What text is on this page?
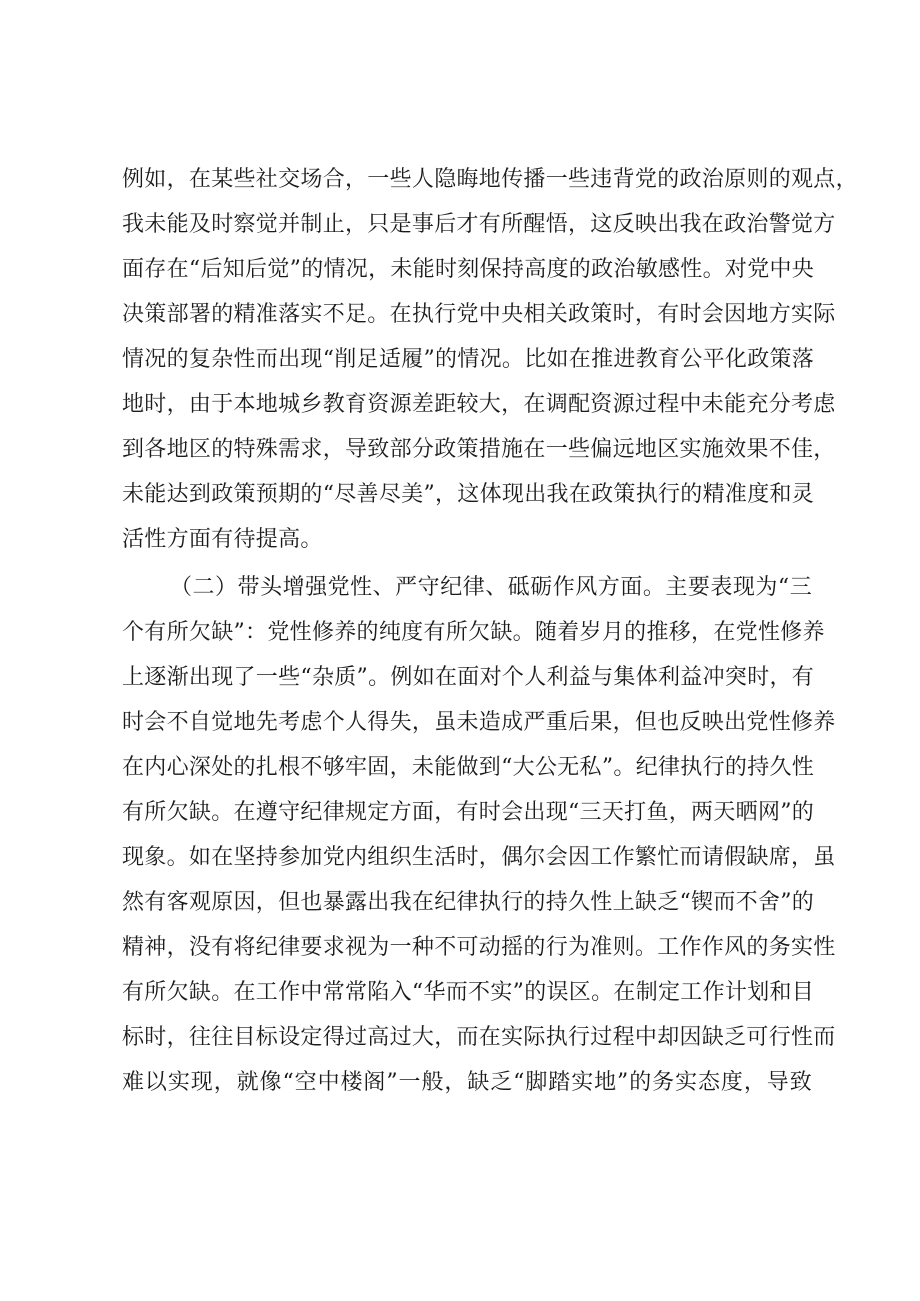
例如，在某些社交场合，一些人隐晦地传播一些违背党的政治原则的观点，
我未能及时察觉并制止，只是事后才有所醒悟，这反映出我在政治警觉方
面存在“后知后觉”的情况，未能时刻保持高度的政治敏感性。对党中央
决策部署的精准落实不足。在执行党中央相关政策时，有时会因地方实际
情况的复杂性而出现“削足适履”的情况。比如在推进教育公平化政策落
地时，由于本地城乡教育资源差距较大，在调配资源过程中未能充分考虑
到各地区的特殊需求，导致部分政策措施在一些偏远地区实施效果不佳，
未能达到政策预期的“尽善尽美”，这体现出我在政策执行的精准度和灵
活性方面有待提高。
（二）带头增强党性、严守纪律、砥砺作风方面。主要表现为“三
个有所欠缺”：党性修养的纯度有所欠缺。随着岁月的推移，在党性修养
上逐渐出现了一些“杂质”。例如在面对个人利益与集体利益冲突时，有
时会不自觉地先考虑个人得失，虽未造成严重后果，但也反映出党性修养
在内心深处的扎根不够牢固，未能做到“大公无私”。纪律执行的持久性
有所欠缺。在遵守纪律规定方面，有时会出现“三天打鱼，两天晒网”的
现象。如在坚持参加党内组织生活时，偶尔会因工作繁忙而请假缺席，虽
然有客观原因，但也暴露出我在纪律执行的持久性上缺乏“锲而不舍”的
精神，没有将纪律要求视为一种不可动摇的行为准则。工作作风的务实性
有所欠缺。在工作中常常陷入“华而不实”的误区。在制定工作计划和目
标时，往往目标设定得过高过大，而在实际执行过程中却因缺乏可行性而
难以实现，就像“空中楼阁”一般，缺乏“脚踏实地”的务实态度，导致
